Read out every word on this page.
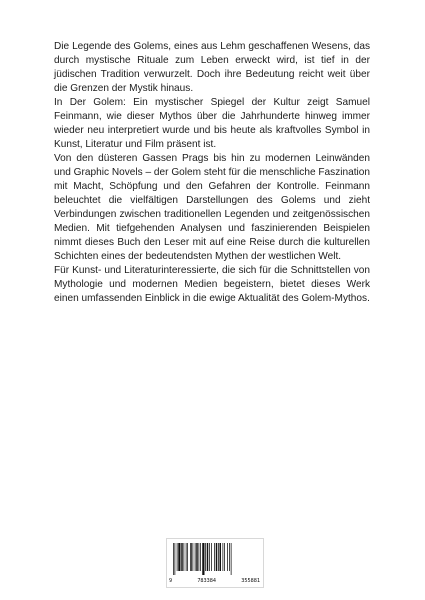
Die Legende des Golems, eines aus Lehm geschaffenen Wesens, das durch mystische Rituale zum Leben erweckt wird, ist tief in der jüdischen Tradition verwurzelt. Doch ihre Bedeutung reicht weit über die Grenzen der Mystik hinaus.

In Der Golem: Ein mystischer Spiegel der Kultur zeigt Samuel Feinmann, wie dieser Mythos über die Jahrhunderte hinweg immer wieder neu interpretiert wurde und bis heute als kraftvolles Symbol in Kunst, Literatur und Film präsent ist.

Von den düsteren Gassen Prags bis hin zu modernen Leinwänden und Graphic Novels – der Golem steht für die menschliche Faszination mit Macht, Schöpfung und den Gefahren der Kontrolle. Feinmann beleuchtet die vielfältigen Darstellungen des Golems und zieht Verbindungen zwischen traditionellen Legenden und zeitgenössischen Medien. Mit tiefgehenden Analysen und faszinierenden Beispielen nimmt dieses Buch den Leser mit auf eine Reise durch die kulturellen Schichten eines der bedeutendsten Mythen der westlichen Welt.

Für Kunst- und Literaturinteressierte, die sich für die Schnittstellen von Mythologie und modernen Medien begeistern, bietet dieses Werk einen umfassenden Einblick in die ewige Aktualität des Golem-Mythos.

9	783384	355881
